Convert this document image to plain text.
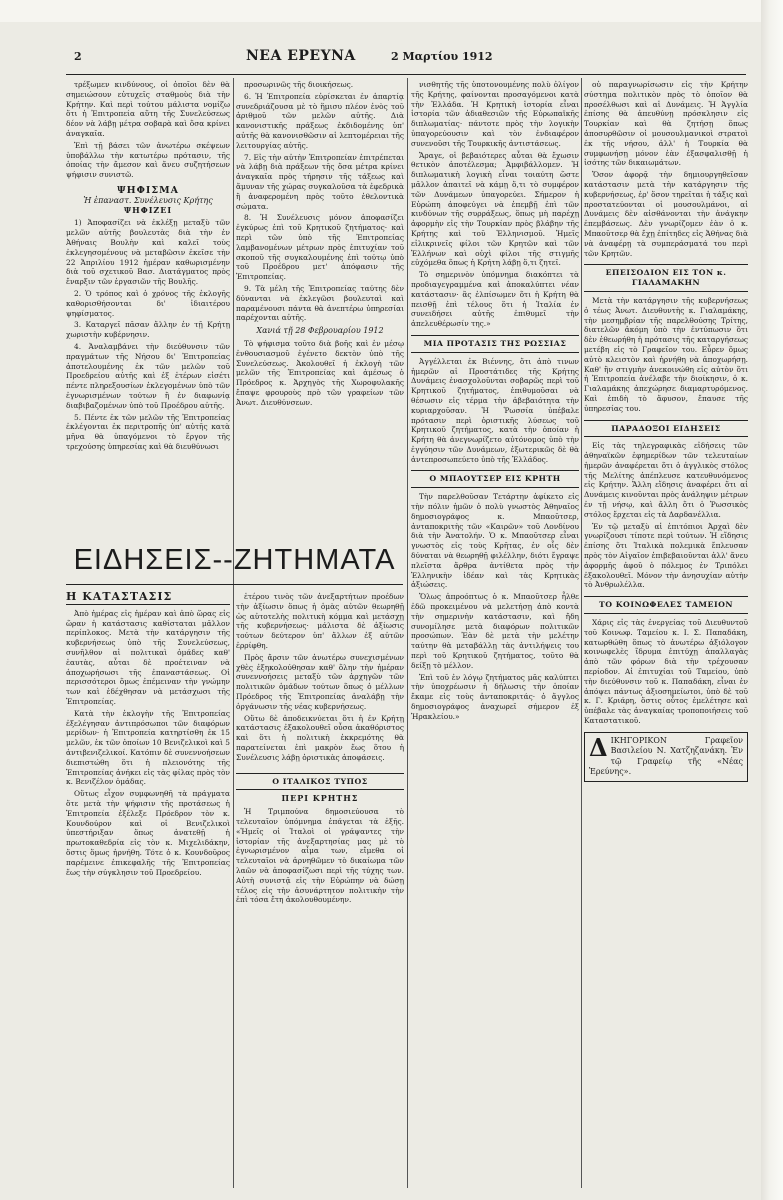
2	ΝΕΑ ΕΡΕΥΝΑ	2 Μαρτίου 1912

τρέξωμεν κινδύνους, οἱ ὁποῖοι δὲν θὰ σημειώσουν εὐτυχεῖς σταθμοὺς διὰ τὴν Κρήτην. Καὶ περὶ τούτου μάλιστα νομίζω ὅτι ἡ Ἐπιτροπεία αὕτη τῆς Συνελεύσεως δέον νὰ λάβῃ μέτρα σοβαρὰ καὶ ὅσα κρίνει ἀναγκαῖα.

Ἐπὶ τῇ βάσει τῶν ἀνωτέρω σκέψεων ὑποβάλλω τὴν κατωτέρω πρότασιν, τῆς ὁποίας τὴν ἄμεσον καὶ ἄνευ συζητήσεων ψήφισιν συνιστῶ.

ΨΗΦΙΣΜΑ
Ἡ ἐπαναστ. Συνέλευσις Κρήτης
ΨΗΦΙΖΕΙ

1) Ἀποφασίζει νὰ ἐκλέξῃ μεταξὺ τῶν μελῶν αὐτῆς βουλευτὰς διὰ τὴν ἐν Ἀθήναις Βουλὴν καὶ καλεῖ τοὺς ἐκλεγησομένους νὰ μεταβῶσιν ἐκεῖσε τὴν 22 Ἀπριλίου 1912 ἡμέραν καθωρισμένην διὰ τοῦ σχετικοῦ Βασ. Διατάγματος πρὸς ἔναρξιν τῶν ἐργασιῶν τῆς Βουλῆς.

2. Ὁ τρόπος καὶ ὁ χρόνος τῆς ἐκλογῆς καθορισθήσονται δι' ἰδιαιτέρου ψηφίσματος.

3. Καταργεῖ πᾶσαν ἄλλην ἐν τῇ Κρήτῃ χωριστὴν κυβέρνησιν.

4. Ἀναλαμβάνει τὴν διεύθυνσιν τῶν πραγμάτων τῆς Νήσου δι' Ἐπιτροπείας ἀποτελουμένης ἐκ τῶν μελῶν τοῦ Προεδρείου αὐτῆς καὶ ἐξ ἑτέρων εἰσέτι πέντε πληρεξουσίων ἐκλεγομένων ὑπὸ τῶν ἐγνωρισμένων τούτων ἢ ἐν διαφωνίᾳ διαβιβαζομένων ὑπὸ τοῦ Προέδρου αὐτῆς.

5. Πέντε ἐκ τῶν μελῶν τῆς Ἐπιτροπείας ἐκλέγονται ἐκ περιτροπῆς ὑπ' αὐτῆς κατὰ μῆνα θὰ ὑπαγόμενοι τὸ ἔργον τῆς τρεχούσης ὑπηρεσίας καὶ θὰ διευθύνωσι

προσωρινῶς τῆς διοικήσεως.

6. Ἡ Ἐπιτροπεία εὑρίσκεται ἐν ἀπαρτίᾳ συνεδριάζουσα μὲ τὸ ἥμισυ πλέον ἑνὸς τοῦ ἀριθμοῦ τῶν μελῶν αὐτῆς. Διὰ κανονιστικῆς πράξεως ἐκδιδομένης ὑπ' αὐτῆς θὰ κανονισθῶσιν αἱ λεπτομέρειαι τῆς λειτουργίας αὐτῆς.

7. Εἰς τὴν αὐτὴν Ἐπιτροπείαν ἐπιτρέπεται νὰ λάβῃ διὰ πράξεων τῆς ὅσα μέτρα κρίνει ἀναγκαῖα πρὸς τήρησιν τῆς τάξεως καὶ ἄμυναν τῆς χώρας συγκαλοῦσα τὰ ἐφεδρικὰ ἢ ἀναφερομένη πρὸς τοῦτο ἐθελοντικὰ σώματα.

8. Ἡ Συνέλευσις μόνον ἀποφασίζει ἐγκύρως ἐπὶ τοῦ Κρητικοῦ ζητήματος· καὶ περὶ τῶν ὑπὸ τῆς Ἐπιτροπείας λαμβανομένων μέτρων πρὸς ἐπιτυχίαν τοῦ σκοποῦ τῆς συγκαλουμένης ἐπὶ τούτῳ ὑπὸ τοῦ Προέδρου μετ' ἀπόφασιν τῆς Ἐπιτροπείας.

9. Τὰ μέλη τῆς Ἐπιτροπείας ταύτης δὲν δύνανται νὰ ἐκλεγῶσι βουλευταὶ καὶ παραμένουσι πάντα θὰ ἀνεπτέρω ὑπηρεσίαι παρέχονται αὐτῆς.

Χανιά τῇ 28 Φεβρουαρίου 1912

Τὸ ψήφισμα τοῦτο διὰ βοῆς καὶ ἐν μέσῳ ἐνθουσιασμοῦ ἐγένετο δεκτὸν ὑπὸ τῆς Συνελεύσεως. Ἀκολουθεῖ ἡ ἐκλογὴ τῶν μελῶν τῆς Ἐπιτροπείας καὶ ἀμέσως ὁ Πρόεδρος κ. Ἀρχηγὸς τῆς Χωροφυλακῆς ἔπαψε φρουροὺς πρὸ τῶν γραφείων τῶν Ἀνωτ. Διευθύνσεων.

ΕΙΔΗΣΕΙΣ--ΖΗΤΗΜΑΤΑ
Η ΚΑΤΑΣΤΑΣΙΣ

Ἀπὸ ἡμέρας εἰς ἡμέραν καὶ ἀπὸ ὥρας εἰς ὥραν ἡ κατάστασις καθίσταται μᾶλλον περίπλοκος. Μετὰ τὴν κατάργησιν τῆς κυβερνήσεως ὑπὸ τῆς Συνελεύσεως, συνῆλθον αἱ πολιτικαὶ ὁμάδες καθ' ἑαυτὰς, αὗται δὲ προέτειναν νὰ ἀποχωρήσωσι τῆς ἐπαναστάσεως. Οἱ περισσότεροι ὅμως ἐπέμειναν τὴν γνώμην των καὶ ἐδέχθησαν νὰ μετάσχωσι τῆς Ἐπιτροπείας.

Κατὰ τὴν ἐκλογὴν τῆς Ἐπιτροπείας ἐξελέγησαν ἀντιπρόσωποι τῶν διαφόρων μερίδων· ἡ Ἐπιτροπεία κατηρτίσθη ἐκ 15 μελῶν, ἐκ τῶν ὁποίων 10 Βενιζελικοὶ καὶ 5 ἀντιβενιζελικοί. Κατόπιν δὲ συνεννοήσεων διεπιστώθη ὅτι ἡ πλειονότης τῆς Ἐπιτροπείας ἀνήκει εἰς τὰς φίλας πρὸς τὸν κ. Βενιζέλον ὁμάδας.

Οὕτως εἶχον συμφωνηθῆ τὰ πράγματα ὅτε μετὰ τὴν ψήφισιν τῆς προτάσεως ἡ Ἐπιτροπεία ἐξέλεξε Πρόεδρον τὸν κ. Κουνδούρον καὶ οἱ Βενιζελικοὶ ὑπεστήριξαν ὅπως ἀνατεθῇ ἡ πρωτοκαθεδρία εἰς τὸν κ. Μιχελιδάκην, ὅστις ὅμως ἠρνήθη. Τότε ὁ κ. Κουνδοῦρος παρέμεινε ἐπικεφαλῆς τῆς Ἐπιτροπείας ἕως τὴν σύγκλησιν τοῦ Προεδρείου.

ἑτέρου τινὸς τῶν ἀνεξαρτήτων προέδων τὴν ἀξίωσιν ὅπως ἡ ὁμὰς αὐτῶν θεωρηθῇ ὡς αὐτοτελὴς πολιτικὴ κόμμα καὶ μετάσχῃ τῆς κυβερνήσεως· μάλιστα δὲ ἀξίωσις τούτων δεύτερον ὑπ' ἄλλων ἐξ αὐτῶν ἐρρίφθη.

Πρὸς ἄρσιν τῶν ἀνωτέρω συνεχισμένων χθὲς ἐξηκολούθησαν καθ' ὅλην τὴν ἡμέραν συνεννοήσεις μεταξὺ τῶν ἀρχηγῶν τῶν πολιτικῶν ὁμάδων τούτων ὅπως ὁ μέλλων Πρόεδρος τῆς Ἐπιτροπείας ἀναλάβῃ τὴν ὀργάνωσιν τῆς νέας κυβερνήσεως.

Οὕτω δὲ ἀποδεικνύεται ὅτι ἡ ἐν Κρήτῃ κατάστασις ἐξακολουθεῖ οὖσα ἀκαθόριστος καὶ ὅτι ἡ πολιτικὴ ἐκκρεμότης θὰ παρατείνεται ἐπὶ μακρὸν ἕως ὅτου ἡ Συνέλευσις λάβῃ ὁριστικὰς ἀποφάσεις.

Ο ΙΤΑΛΙΚΟΣ ΤΥΠΟΣ
ΠΕΡΙ ΚΡΗΤΗΣ

Ἡ Τριμπούνα δημοσιεύουσα τὸ τελευταῖον ὑπόμνημα ἐπάγεται τὰ ἑξῆς. «Ἡμεῖς οἱ Ἰταλοὶ οἱ γράψαντες τὴν ἱστορίαν τῆς ἀνεξαρτησίας μας μὲ τὸ ἐγνωρισμένον αἷμα των, εἴμεθα οἱ τελευταῖοι νὰ ἀρνηθῶμεν τὸ δικαίωμα τῶν λαῶν νὰ ἀποφασίζωσι περὶ τῆς τύχης των. Αὐτὴ συνιστᾷ εἰς τὴν Εὐρώπην νὰ δώσῃ τέλος εἰς τὴν ἀσυνάρτητον πολιτικὴν τὴν ἐπὶ τόσα ἔτη ἀκολουθουμένην.

νισθητῆς τῆς ὑποτονουμένης πολὺ ὀλίγον τῆς Κρήτης, φαίνονται προσαγόμενοι κατὰ τὴν Ἑλλάδα. Ἡ Κρητικὴ ἱστορία εἶναι ἱστορία τῶν ἀδιαθεσιῶν τῆς Εὐρωπαϊκῆς διπλωματίας· πάντοτε πρὸς τὴν λογικὴν ὑπαγορεύουσιν καὶ τὸν ἐνδιαφέρον συνενοῦσι τῆς Τουρκικῆς ἀντιστάσεως.

Ἄραγε, οἱ βεβαιότερες αὗται θὰ ἔχωσιν θετικὸν ἀποτέλεσμα; Ἀμφιβάλλομεν. Ἡ διπλωματικὴ λογικὴ εἶναι τοιαύτη ὥστε μᾶλλον ἀπαιτεῖ νὰ κάμῃ ὅ,τι τὸ συμφέρον τῶν Δυνάμεων ὑπαγορεύει. Σήμερον ἡ Εὐρώπη ἀποφεύγει νὰ ἐπεμβῇ ἐπὶ τῶν κινδύνων τῆς συρράξεως, ὅπως μὴ παρέχῃ ἀφορμὴν εἰς τὴν Τουρκίαν πρὸς βλάβην τῆς Κρήτης καὶ τοῦ Ἑλληνισμοῦ. Ἡμεῖς εἰλικρινεῖς φίλοι τῶν Κρητῶν καὶ τῶν Ἑλλήνων καὶ οὐχὶ φίλοι τῆς στιγμῆς εὐχόμεθα ὅπως ἡ Κρήτη λάβῃ ὅ,τι ζητεῖ.

Τὸ σημερινὸν ὑπόμνημα διακόπτει τὰ προδιαγεγραμμένα καὶ ἀποκαλύπτει νέαν κατάστασιν· ἂς ἐλπίσωμεν ὅτι ἡ Κρήτη θὰ πεισθῇ ἐπὶ τέλους ὅτι ἡ Ἰταλία ἐν συνειδήσει αὐτῆς ἐπιθυμεῖ τὴν ἀπελευθέρωσίν της.»

ΜΙΑ ΠΡΟΤΑΣΙΣ ΤΗΣ ΡΩΣΣΙΑΣ

Ἀγγέλλεται ἐκ Βιέννης, ὅτι ἀπὸ τινων ἡμερῶν αἱ Προστάτιδες τῆς Κρήτης Δυνάμεις ἐνασχολοῦνται σοβαρῶς περὶ τοῦ Κρητικοῦ ζητήματος, ἐπιθυμοῦσαι νὰ θέσωσιν εἰς τέρμα τὴν ἀβεβαιότητα τὴν κυριαρχοῦσαν. Ἡ Ῥωσσία ὑπέβαλε πρότασιν περὶ ὁριστικῆς λύσεως τοῦ Κρητικοῦ ζητήματος, κατὰ τὴν ὁποίαν ἡ Κρήτη θὰ ἀνεγνωρίζετο αὐτόνομος ὑπὸ τὴν ἐγγύησιν τῶν Δυνάμεων, ἐξωτερικῶς δὲ θὰ ἀντεπροσωπεύετο ὑπὸ τῆς Ἑλλάδος.

Ο ΜΠΑΟΥΤΣΕΡ ΕΙΣ ΚΡΗΤΗ

Τὴν παρελθοῦσαν Τετάρτην ἀφίκετο εἰς τὴν πόλιν ἡμῶν ὁ πολὺ γνωστὸς Ἀθηναῖος δημοσιογράφος κ. Μπαοῦτσερ, ἀνταποκριτὴς τῶν «Καιρῶν» τοῦ Λονδίνου διὰ τὴν Ἀνατολήν. Ὁ κ. Μπαοῦτσερ εἶναι γνωστὸς εἰς τοὺς Κρῆτας, ἐν οἷς δὲν δύναται νὰ θεωρηθῇ φιλέλλην, διότι ἔγραψε πλεῖστα ἄρθρα ἀντίθετα πρὸς τὴν Ἑλληνικὴν ἰδέαν καὶ τὰς Κρητικὰς ἀξιώσεις.

Ὅλως ἀπροόπτως ὁ κ. Μπαοῦτσερ ἦλθε ἐδῶ προκειμένου νὰ μελετήσῃ ἀπὸ κοντὰ τὴν σημερινὴν κατάστασιν, καὶ ἤδη συνομίλησε μετὰ διαφόρων πολιτικῶν προσώπων. Ἐὰν δὲ μετὰ τὴν μελέτην ταύτην θὰ μεταβάλλῃ τὰς ἀντιλήψεις του περὶ τοῦ Κρητικοῦ ζητήματος, τοῦτο θὰ δείξῃ τὸ μέλλον.

Ἐπὶ τοῦ ἐν λόγῳ ζητήματος μᾶς καλύπτει τὴν ὑποχρέωσιν ἡ δήλωσις τὴν ὁποίαν ἔκαμε εἰς τοὺς ἀνταποκριτάς· ὁ ἄγγλος δημοσιογράφος ἀναχωρεῖ σήμερον ἐξ Ἠρακλείου.»

οὐ παραγνωρίσωσιν εἰς τὴν Κρήτην σύστημα πολιτικὸν πρὸς τὸ ὁποῖον θὰ προσέλθωσι καὶ αἱ Δυνάμεις. Ἡ Ἀγγλία ἐπίσης θὰ ἀπευθύνῃ πρόσκλησιν εἰς Τουρκίαν καὶ θὰ ζητήσῃ ὅπως ἀποσυρθῶσιν οἱ μουσουλμανικοὶ στρατοὶ ἐκ τῆς νήσου, ἀλλ' ἡ Τουρκία θὰ συμφωνήσῃ μόνον ἐὰν ἐξασφαλισθῇ ἡ ἰσότης τῶν δικαιωμάτων.

Ὅσον ἀφορᾷ τὴν δημιουργηθεῖσαν κατάστασιν μετὰ τὴν κατάργησιν τῆς κυβερνήσεως, ἐρ' ὅσον τηρεῖται ἡ τάξις καὶ προστατεύονται οἱ μουσουλμάνοι, αἱ Δυνάμεις δὲν αἰσθάνονται τὴν ἀνάγκην ἐπεμβάσεως. Δὲν γνωρίζομεν ἐὰν ὁ κ. Μπαοῦτσερ θὰ ἔχῃ ἐπίτηδες εἰς Ἀθήνας διὰ νὰ ἀναφέρῃ τὰ συμπεράσματά του περὶ τῶν Κρητῶν.

ΕΠΕΙΣΟΔΙΟΝ ΕΙΣ ΤΟΝ κ. ΓΙΑΛΑΜΑΚΗΝ

Μετὰ τὴν κατάργησιν τῆς κυβερνήσεως ὁ τέως Ἀνωτ. Διευθυντὴς κ. Γιαλαμάκης, τὴν μεσημβρίαν τῆς παρελθούσης Τρίτης, διατελῶν ἀκόμη ὑπὸ τὴν ἐντύπωσιν ὅτι δὲν ἐθεωρήθη ἡ πρότασις τῆς καταργήσεως μετέβη εἰς τὸ Γραφεῖον του. Εὗρεν ὅμως αὐτὸ κλειστὸν καὶ ἠρνήθη νὰ ἀποχωρήσῃ. Καθ' ἣν στιγμὴν ἀνεκοινώθη εἰς αὐτὸν ὅτι ἡ Ἐπιτροπεία ἀνέλαβε τὴν διοίκησιν, ὁ κ. Γιαλαμάκης ἀπεχώρησε διαμαρτυρόμενος. Καὶ ἐπιδὴ τὸ ἄφυσον, ἔπαυσε τῆς ὑπηρεσίας του.

ΠΑΡΑΔΟΞΟΙ ΕΙΔΗΣΕΙΣ

Εἰς τὰς τηλεγραφικὰς εἰδήσεις τῶν ἀθηναϊκῶν ἐφημερίδων τῶν τελευταίων ἡμερῶν ἀναφέρεται ὅτι ὁ ἀγγλικὸς στόλος τῆς Μελίτης ἀπέπλευσε κατευθυνόμενος εἰς Κρήτην. Ἄλλη εἴδησις ἀναφέρει ὅτι αἱ Δυνάμεις κινοῦνται πρὸς ἀνάληψιν μέτρων ἐν τῇ νήσῳ, καὶ ἄλλη ὅτι ὁ Ῥωσσικὸς στόλος ἔρχεται εἰς τὰ Δαρδανέλλια.

Ἐν τῷ μεταξὺ αἱ ἐπιτόπιοι Ἀρχαὶ δὲν γνωρίζουσι τίποτε περὶ τούτων. Ἡ εἴδησις ἐπίσης ὅτι Ἰταλικὰ πολεμικὰ ἔπλευσαν πρὸς τὸν Αἰγαῖον ἐπιβεβαιοῦνται ἀλλ' ἄνευ ἀφορμῆς ἀφοῦ ὁ πόλεμος ἐν Τριπόλει ἐξακολουθεῖ. Μόνον τὴν ἀνησυχίαν αὐτὴν τὸ Ἀνθρωλέλλα.

ΤΟ ΚΟΙΝΩΦΕΛΕΣ ΤΑΜΕΙΟΝ

Χάρις εἰς τὰς ἐνεργείας τοῦ Διευθυντοῦ τοῦ Κοινωφ. Ταμείου κ. Ι. Σ. Παπαδάκη, κατωρθώθη ὅπως τὸ ἀνωτέρω ἀξιόλογον κοινωφελὲς ἵδρυμα ἐπιτύχῃ ἀπαλλαγὰς ἀπὸ τῶν φόρων διὰ τὴν τρέχουσαν περίοδον. Αἱ ἐπιτυχίαι τοῦ Ταμείου, ὑπὸ τὴν διεύθυνσιν τοῦ κ. Παπαδάκη, εἶναι ἐν ἀπόψει πάντως ἀξιοσημείωτοι, ὑπὸ δὲ τοῦ κ. Γ. Κριάρη, ὅστις οὗτος ἐμελέτησε καὶ ὑπέβαλε τὰς ἀναγκαίας τροποποιήσεις τοῦ Καταστατικοῦ.

Δ ΙΚΗΓΟΡΙΚΟΝ Γραφεῖον Βασιλείου Ν. Χατζηζανάκη. Ἐν τῷ Γραφείῳ τῆς «Νέας Ἐρεύνης».
